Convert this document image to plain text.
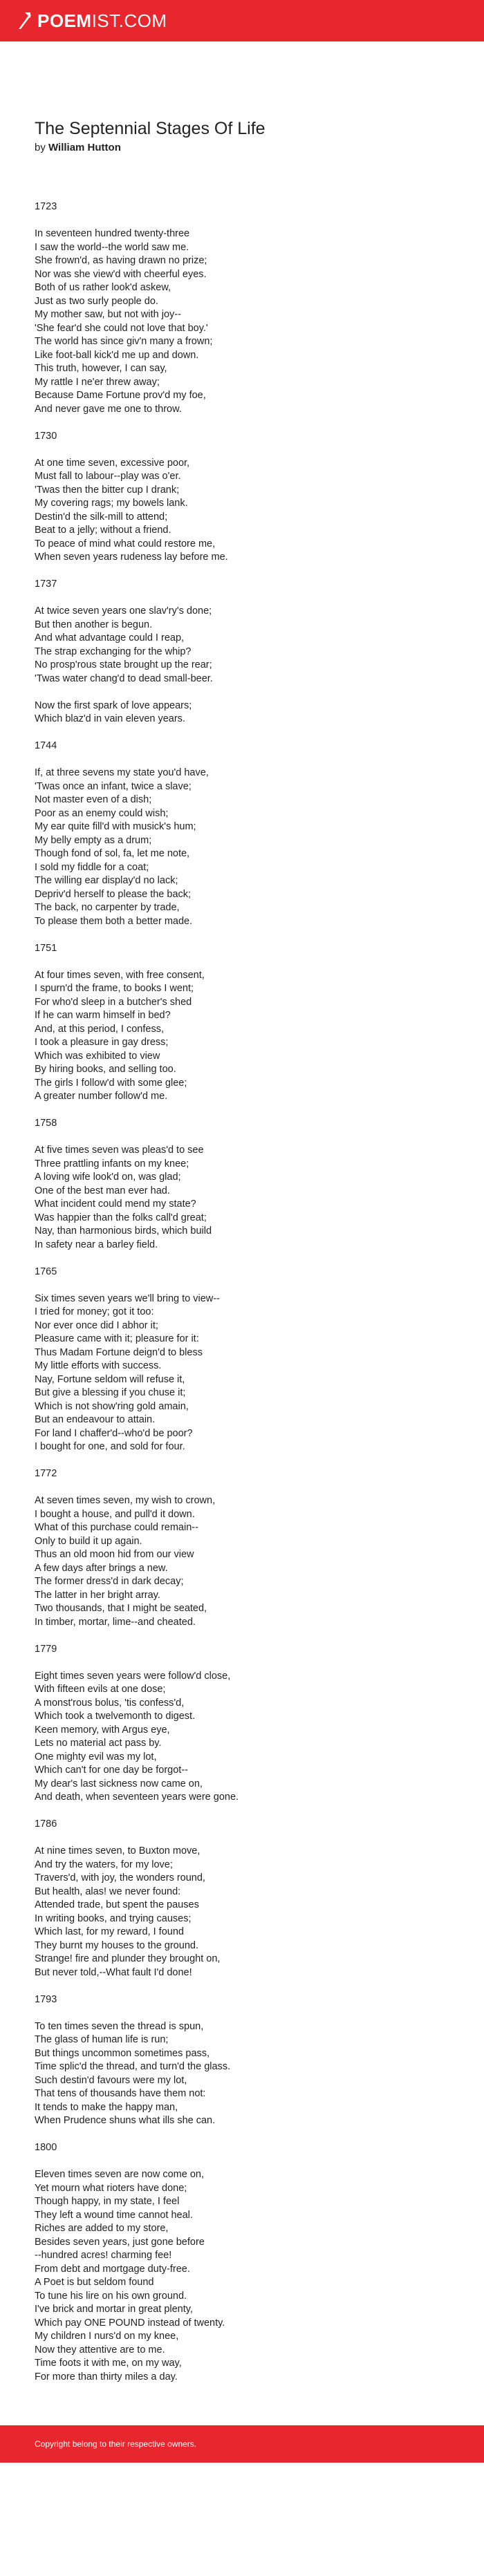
POEM IST.COM
The Septennial Stages Of Life

by William Hutton

1723

In seventeen hundred twenty-three
I saw the world--the world saw me.
She frown'd, as having drawn no prize;
Nor was she view'd with cheerful eyes.
Both of us rather look'd askew,
Just as two surly people do.
My mother saw, but not with joy--
'She fear'd she could not love that boy.'
The world has since giv'n many a frown;
Like foot-ball kick'd me up and down.
This truth, however, I can say,
My rattle I ne'er threw away;
Because Dame Fortune prov'd my foe,
And never gave me one to throw.

1730

At one time seven, excessive poor,
Must fall to labour--play was o'er.
'Twas then the bitter cup I drank;
My covering rags; my bowels lank.
Destin'd the silk-mill to attend;
Beat to a jelly; without a friend.
To peace of mind what could restore me,
When seven years rudeness lay before me.

1737

At twice seven years one slav'ry's done;
But then another is begun.
And what advantage could I reap,
The strap exchanging for the whip?
No prosp'rous state brought up the rear;
'Twas water chang'd to dead small-beer.

Now the first spark of love appears;
Which blaz'd in vain eleven years.

1744

If, at three sevens my state you'd have,
'Twas once an infant, twice a slave;
Not master even of a dish;
Poor as an enemy could wish;
My ear quite fill'd with musick's hum;
My belly empty as a drum;
Though fond of sol, fa, let me note,
I sold my fiddle for a coat;
The willing ear display'd no lack;
Depriv'd herself to please the back;
The back, no carpenter by trade,
To please them both a better made.

1751

At four times seven, with free consent,
I spurn'd the frame, to books I went;
For who'd sleep in a butcher's shed
If he can warm himself in bed?
And, at this period, I confess,
I took a pleasure in gay dress;
Which was exhibited to view
By hiring books, and selling too.
The girls I follow'd with some glee;
A greater number follow'd me.

1758

At five times seven was pleas'd to see
Three prattling infants on my knee;
A loving wife look'd on, was glad;
One of the best man ever had.
What incident could mend my state?
Was happier than the folks call'd great;
Nay, than harmonious birds, which build
In safety near a barley field.

1765

Six times seven years we'll bring to view--
I tried for money; got it too:
Nor ever once did I abhor it;
Pleasure came with it; pleasure for it:
Thus Madam Fortune deign'd to bless
My little efforts with success.
Nay, Fortune seldom will refuse it,
But give a blessing if you chuse it;
Which is not show'ring gold amain,
But an endeavour to attain.
For land I chaffer'd--who'd be poor?
I bought for one, and sold for four.

1772

At seven times seven, my wish to crown,
I bought a house, and pull'd it down.
What of this purchase could remain--
Only to build it up again.
Thus an old moon hid from our view
A few days after brings a new.
The former dress'd in dark decay;
The latter in her bright array.
Two thousands, that I might be seated,
In timber, mortar, lime--and cheated.

1779

Eight times seven years were follow'd close,
With fifteen evils at one dose;
A monst'rous bolus, 'tis confess'd,
Which took a twelvemonth to digest.
Keen memory, with Argus eye,
Lets no material act pass by.
One mighty evil was my lot,
Which can't for one day be forgot--
My dear's last sickness now came on,
And death, when seventeen years were gone.

1786

At nine times seven, to Buxton move,
And try the waters, for my love;
Travers'd, with joy, the wonders round,
But health, alas! we never found:
Attended trade, but spent the pauses
In writing books, and trying causes;
Which last, for my reward, I found
They burnt my houses to the ground.
Strange! fire and plunder they brought on,
But never told,--What fault I'd done!

1793

To ten times seven the thread is spun,
The glass of human life is run;
But things uncommon sometimes pass,
Time splic'd the thread, and turn'd the glass.
Such destin'd favours were my lot,
That tens of thousands have them not:
It tends to make the happy man,
When Prudence shuns what ills she can.

1800

Eleven times seven are now come on,
Yet mourn what rioters have done;
Though happy, in my state, I feel
They left a wound time cannot heal.
Riches are added to my store,
Besides seven years, just gone before
--hundred acres! charming fee!
From debt and mortgage duty-free.
A Poet is but seldom found
To tune his lire on his own ground.
I've brick and mortar in great plenty,
Which pay ONE POUND instead of twenty.
My children I nurs'd on my knee,
Now they attentive are to me.
Time foots it with me, on my way,
For more than thirty miles a day.
Copyright belong to their respective owners.
